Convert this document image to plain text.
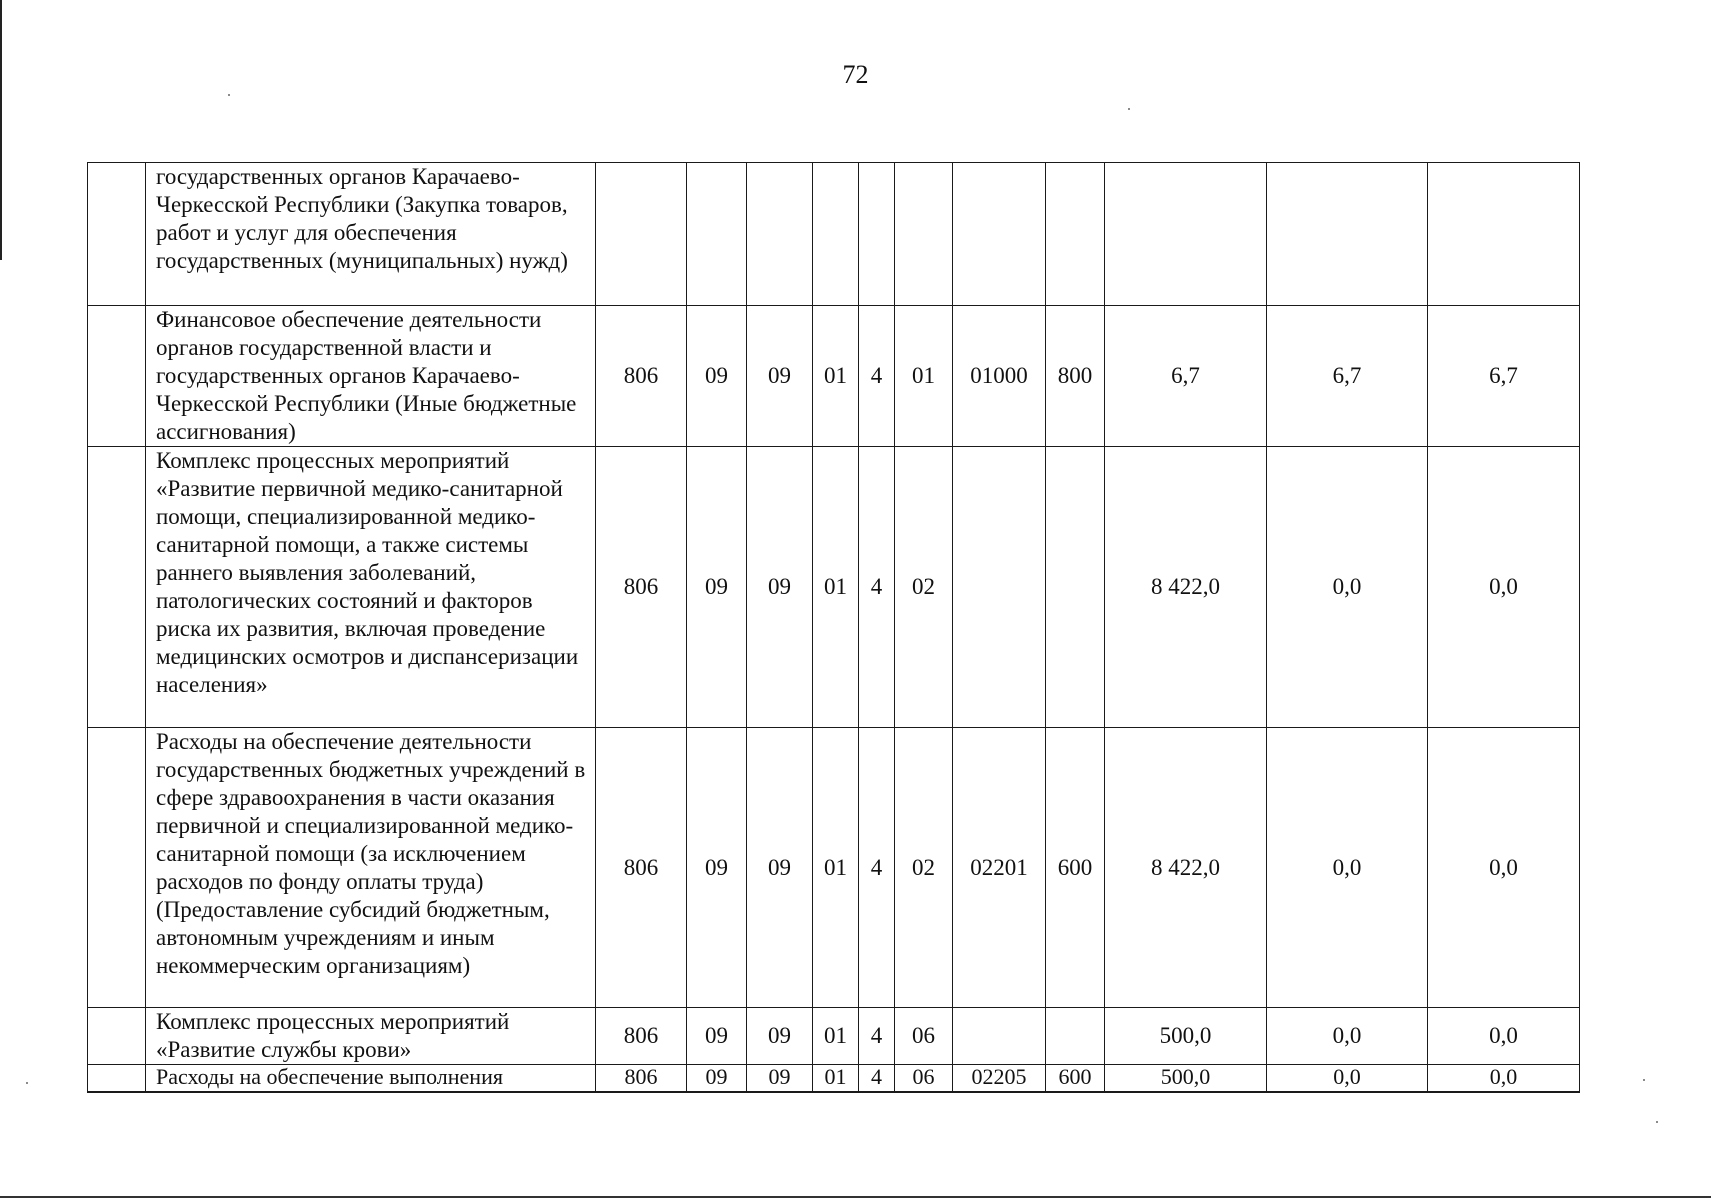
72
	государственных органов Карачаево-Черкесской Республики (Закупка товаров, работ и услуг для обеспечения государственных (муниципальных) нужд)											
	Финансовое обеспечение деятельности органов государственной власти и государственных органов Карачаево-Черкесской Республики (Иные бюджетные ассигнования)	806	09	09	01	4	01	01000	800	6,7	6,7	6,7
	Комплекс процессных мероприятий «Развитие первичной медико-санитарной помощи, специализированной медико-санитарной помощи, а также системы раннего выявления заболеваний, патологических состояний и факторов риска их развития, включая проведение медицинских осмотров и диспансеризации населения»	806	09	09	01	4	02			8 422,0	0,0	0,0
	Расходы на обеспечение деятельности государственных бюджетных учреждений в сфере здравоохранения в части оказания первичной и специализированной медико-санитарной помощи (за исключением расходов по фонду оплаты труда) (Предоставление субсидий бюджетным, автономным учреждениям и иным некоммерческим организациям)	806	09	09	01	4	02	02201	600	8 422,0	0,0	0,0
	Комплекс процессных мероприятий «Развитие службы крови»	806	09	09	01	4	06			500,0	0,0	0,0
	Расходы на обеспечение выполнения	806	09	09	01	4	06	02205	600	500,0	0,0	0,0
